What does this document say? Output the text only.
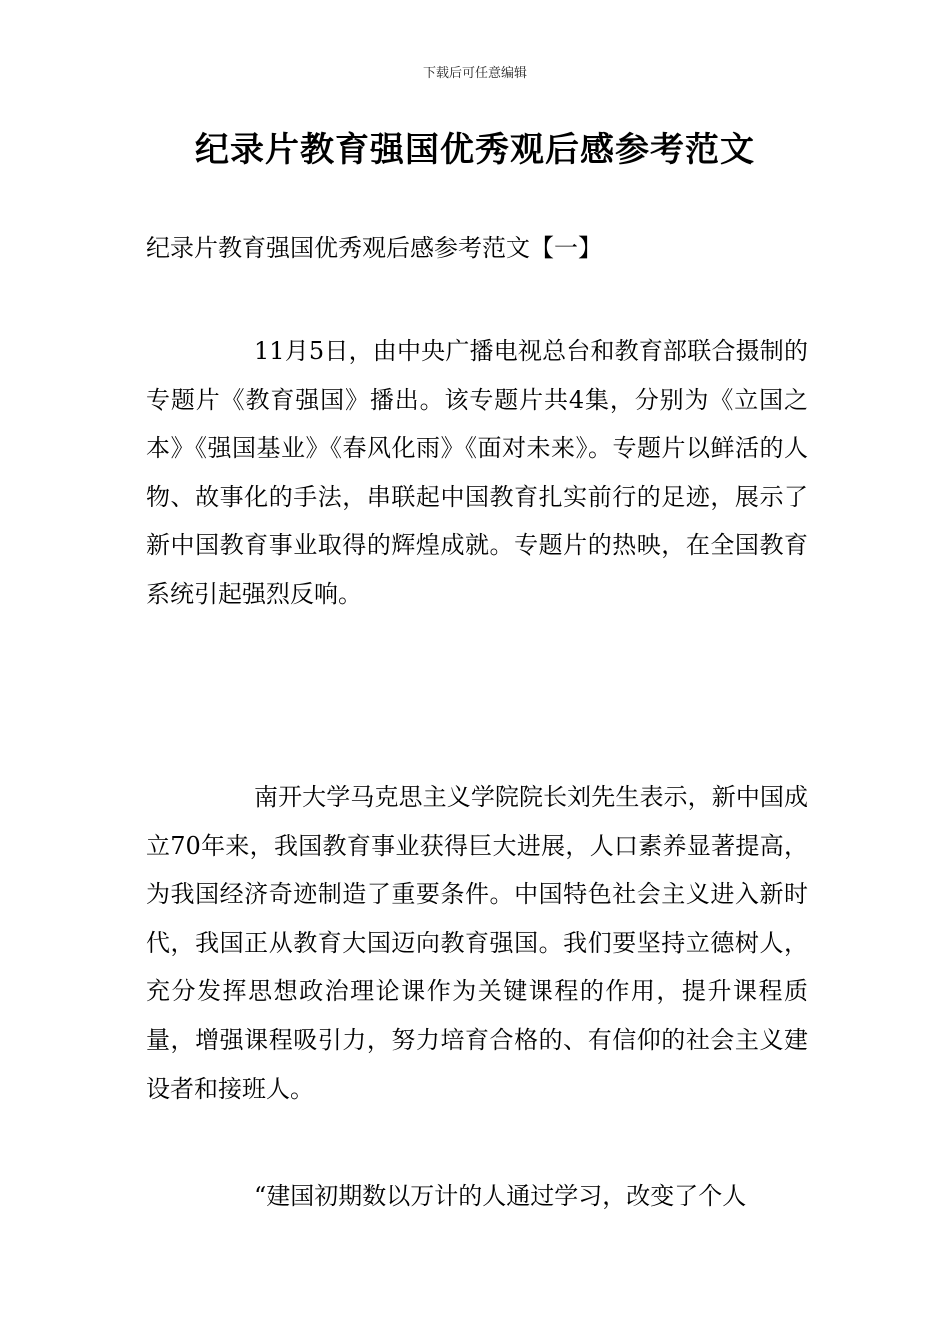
下载后可任意编辑
纪录片教育强国优秀观后感参考范文
纪录片教育强国优秀观后感参考范文【一】

11月5日，由中央广播电视总台和教育部联合摄制的专题片《教育强国》播出。该专题片共4集，分别为《立国之本》《强国基业》《春风化雨》《面对未来》。专题片以鲜活的人物、故事化的手法，串联起中国教育扎实前行的足迹，展示了新中国教育事业取得的辉煌成就。专题片的热映，在全国教育系统引起强烈反响。

南开大学马克思主义学院院长刘先生表示，新中国成立70年来，我国教育事业获得巨大进展，人口素养显著提高，为我国经济奇迹制造了重要条件。中国特色社会主义进入新时代，我国正从教育大国迈向教育强国。我们要坚持立德树人，充分发挥思想政治理论课作为关键课程的作用，提升课程质量，增强课程吸引力，努力培育合格的、有信仰的社会主义建设者和接班人。

“建国初期数以万计的人通过学习，改变了个人
